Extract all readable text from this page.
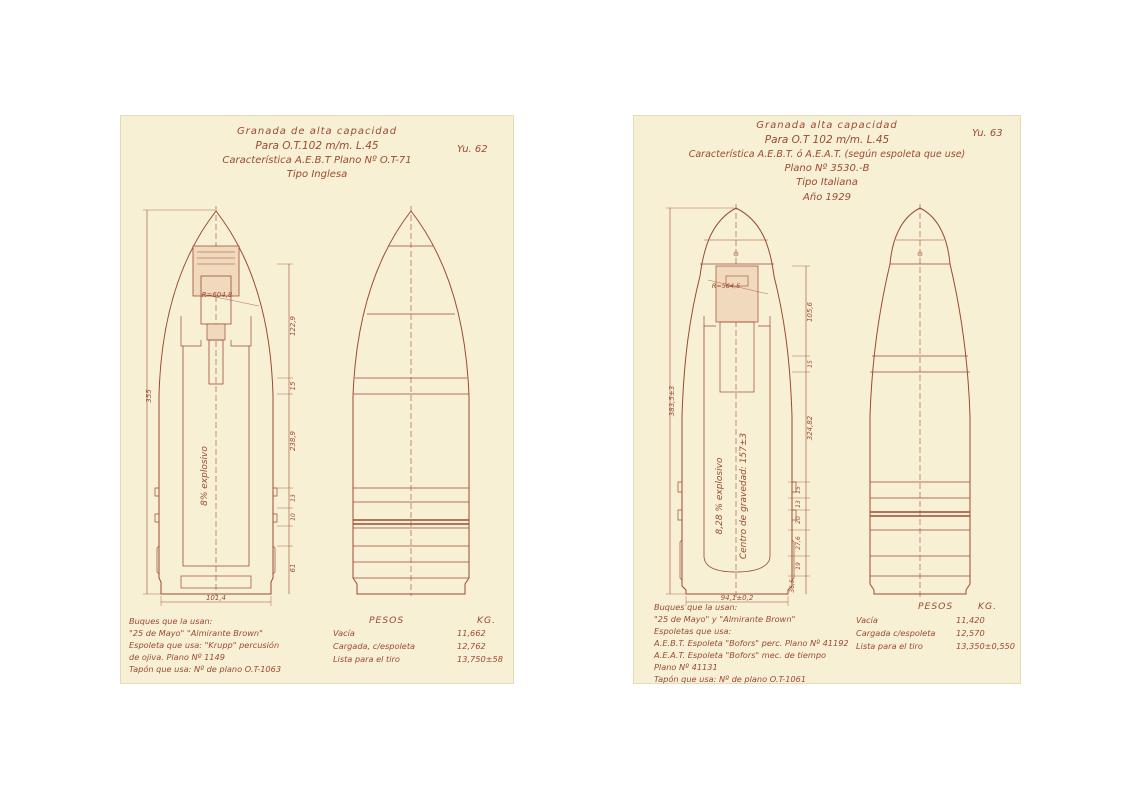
Granada de alta capacidad
Para O.T.102 m/m. L.45
Característica A.E.B.T Plano Nº O.T-71
Tipo Inglesa
Yu. 62
355
122,9
15
238,9
13
10
61
101,4
R=604,8
8% explosivo
PESOS	KG.
Buques que la usan:
"25 de Mayo" "Almirante Brown"
Espoleta que usa: "Krupp" percusión
de ojiva. Plano Nº 1149
Tapón que usa: Nº de plano O.T-1063
Vacía	11,662
Cargada, c/espoleta	12,762
Lista para el tiro	13,750±58
Granada alta capacidad
Para O.T 102 m/m. L.45
Característica A.E.B.T. ó A.E.A.T. (según espoleta que use)
Plano Nº 3530.-B
Tipo Italiana
Año 1929
Yu. 63
383,5±3
105,6
15
324,82
15
13
20
27,6
19
36,5
94,1±0,2
R=564,5
8,28 % explosivo Centro de gravedad: 157±3
PESOS	KG.
Buques que la usan:
"25 de Mayo" y "Almirante Brown"
Espoletas que usa:
A.E.B.T. Espoleta "Bofors" perc. Plano Nº 41192
A.E.A.T. Espoleta "Bofors" mec. de tiempo
Plano Nº 41131
Tapón que usa: Nº de plano O.T-1061
Vacía	11,420
Cargada c/espoleta	12,570
Lista para el tiro	13,350±0,550
